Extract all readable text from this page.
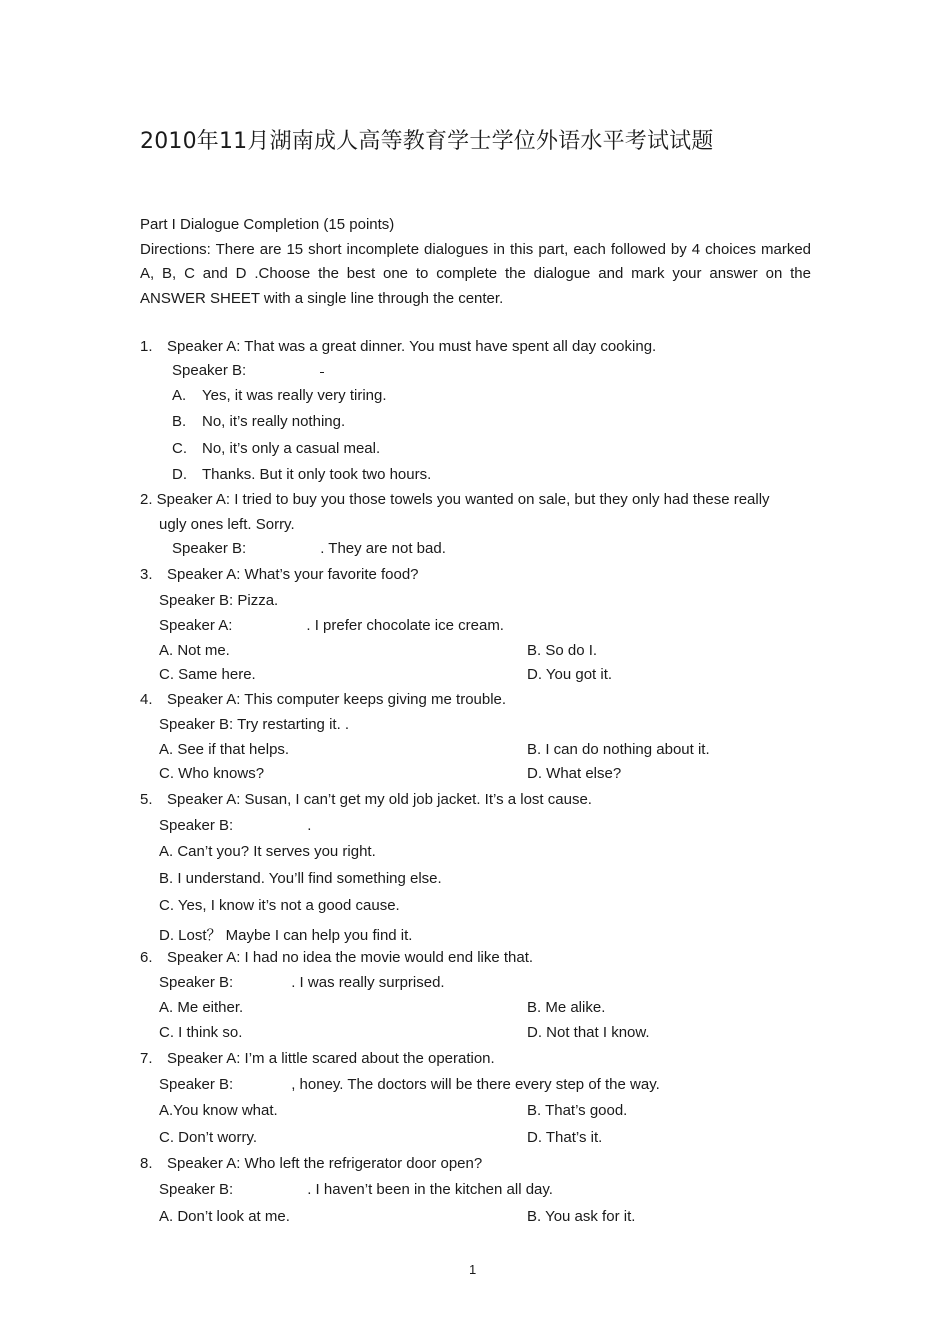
2010年11月湖南成人高等教育学士学位外语水平考试试题
Part I Dialogue Completion (15 points)
Directions: There are 15 short incomplete dialogues in this part, each followed by 4 choices marked
A, B, C and D .Choose the best one to complete the dialogue and mark your answer on the
ANSWER SHEET with a single line through the center.
1. Speaker A: That was a great dinner. You must have spent all day cooking.
Speaker B:
A. Yes, it was really very tiring.
B. No, it’s really nothing.
C. No, it’s only a casual meal.
D. Thanks. But it only took two hours.
2. Speaker A: I tried to buy you those towels you wanted on sale, but they only had these really
ugly ones left. Sorry.
Speaker B:	. They are not bad.
3. Speaker A: What’s your favorite food?
Speaker B: Pizza.
Speaker A:	. I prefer chocolate ice cream.
A. Not me.	B. So do I.
C. Same here.	D. You got it.
4. Speaker A: This computer keeps giving me trouble.
Speaker B: Try restarting it. .
A. See if that helps.	B. I can do nothing about it.
C. Who knows?	D. What else?
5. Speaker A: Susan, I can’t get my old job jacket. It’s a lost cause.
Speaker B:	.
A. Can’t you? It serves you right.
B. I understand. You’ll find something else.
C. Yes, I know it’s not a good cause.
D. Lost？ Maybe I can help you find it.
6. Speaker A: I had no idea the movie would end like that.
Speaker B:	. I was really surprised.
A. Me either.	B. Me alike.
C. I think so.	D. Not that I know.
7. Speaker A: I’m a little scared about the operation.
Speaker B:	, honey. The doctors will be there every step of the way.
A.You know what.	B. That’s good.
C. Don’t worry.	D. That’s it.
8. Speaker A: Who left the refrigerator door open?
Speaker B:	. I haven’t been in the kitchen all day.
A. Don’t look at me.	B. You ask for it.
1
